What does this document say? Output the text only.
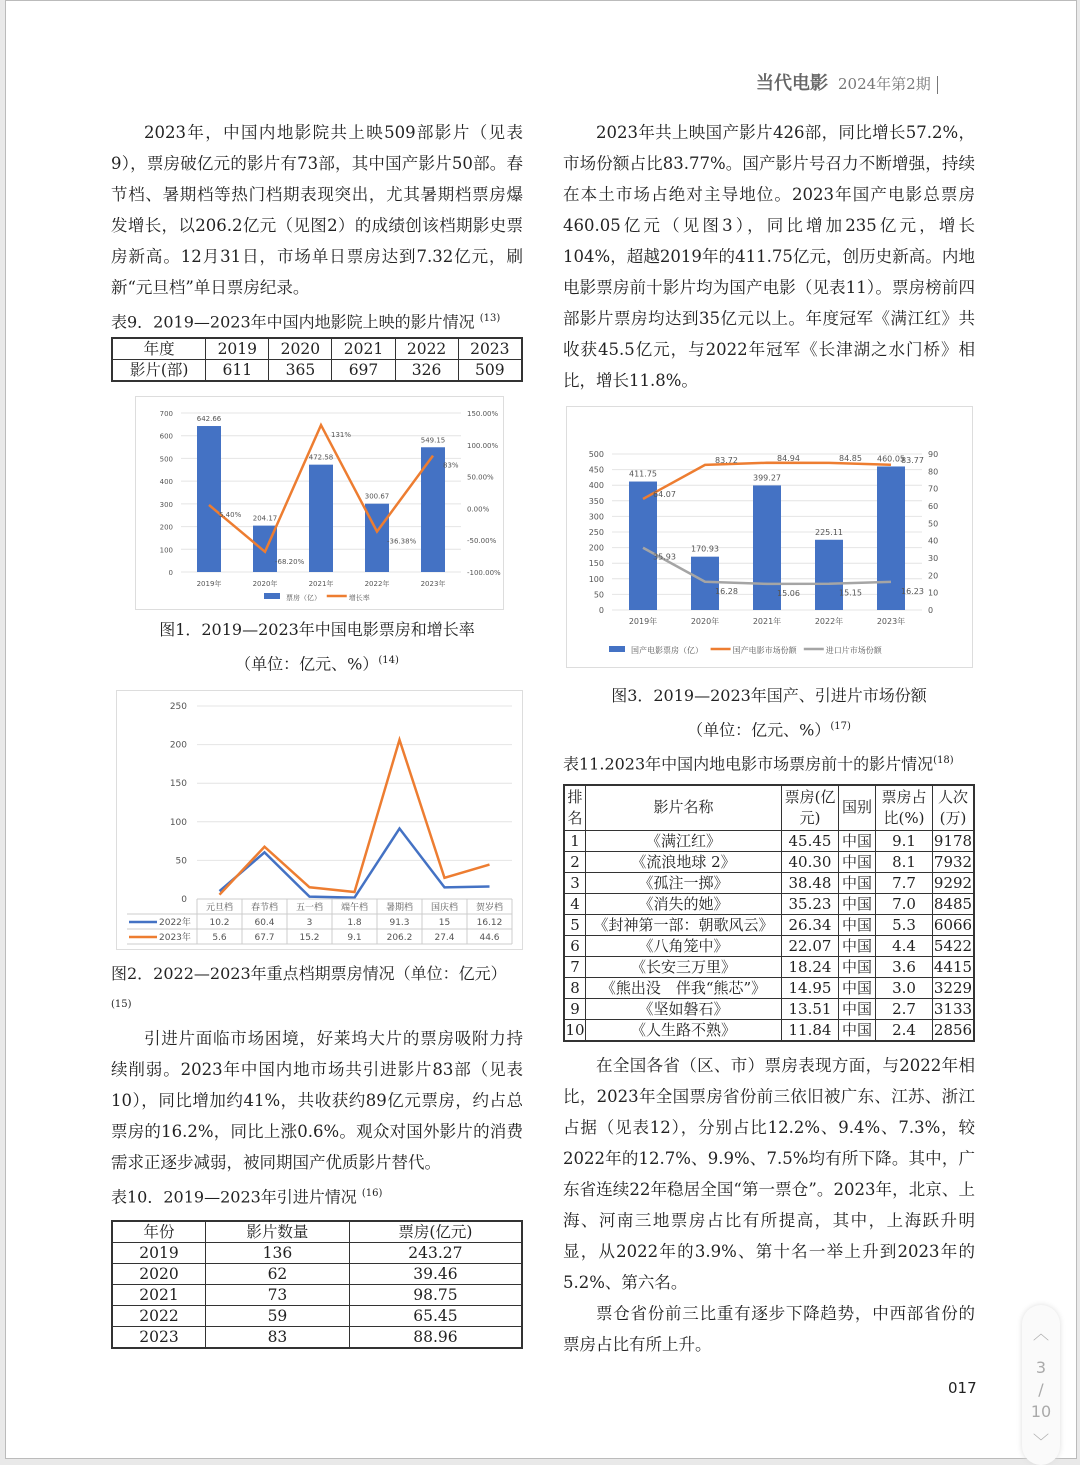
当代电影 2024年第2期

2023年，中国内地影院共上映509部影片（见表9），票房破亿元的影片有73部，其中国产影片50部。春节档、暑期档等热门档期表现突出，尤其暑期档票房爆发增长，以206.2亿元（见图2）的成绩创该档期影史票房新高。12月31日，市场单日票房达到7.32亿元，刷新“元旦档”单日票房纪录。

表9．2019—2023年中国内地影院上映的影片情况 $^{(13)}$
年度	2019	2020	2021	2022	2023
影片(部)	611	365	697	326	509
0
100
200
300
400
500
600
700
-100.00%
-50.00%
0.00%
50.00%
100.00%
150.00%
2019年	2020年	2021年	2022年	2023年
642.66
204.17
472.58
300.67
549.15
5.40%
-68.20%
131%
-36.38%
83%
票房（亿）	增长率
图1．2019—2023年中国电影票房和增长率
（单位：亿元、%）$^{(14)}$
0
50
100
150
200
250
元旦档 春节档 五一档 端午档 暑期档 国庆档 贺岁档
2022年 10.2	60.4	3	1.8	91.3	15	16.12
2023年 5.6	67.7	15.2	9.1	206.2 27.4	44.6
图2．2022—2023年重点档期票房情况（单位：亿元）$^{(15)}$

引进片面临市场困境，好莱坞大片的票房吸附力持续削弱。2023年中国内地市场共引进影片83部（见表10），同比增加约41%，共收获约89亿元票房，约占总票房的16.2%，同比上涨0.6%。观众对国外影片的消费需求正逐步减弱，被同期国产优质影片替代。

表10．2019—2023年引进片情况 $^{(16)}$
年份	影片数量	票房(亿元)
2019	136	243.27
2020	62	39.46
2021	73	98.75
2022	59	65.45
2023	83	88.96

2023年共上映国产影片426部，同比增长57.2%，市场份额占比83.77%。国产影片号召力不断增强，持续在本土市场占绝对主导地位。2023年国产电影总票房460.05亿元（见图3），同比增加235亿元，增长104%，超越2019年的411.75亿元，创历史新高。内地电影票房前十影片均为国产电影（见表11）。票房榜前四部影片票房均达到35亿元以上。年度冠军《满江红》共收获45.5亿元，与2022年冠军《长津湖之水门桥》相比，增长11.8%。

0
50
100
150
200
250
300
350
400
450
500
0
10
20
30
40
50
60
70
80
90
2019年	2020年	2021年	2022年	2023年
411.75
170.93
399.27
225.11
460.05
64.07
83.72	84.94	84.85	83.77
35.93
16.28	15.06	15.15	16.23
国产电影票房（亿）	国产电影市场份额	进口片市场份额
图3．2019—2023年国产、引进片市场份额
（单位：亿元、%）$^{(17)}$
表11.2023年中国内地电影市场票房前十的影片情况$^{(18)}$
排名	影片名称	票房(亿元)	国别	票房占比(%)	人次(万)
1	《满江红》	45.45	中国	9.1	9178
2	《流浪地球 2》	40.30	中国	8.1	7932
3	《孤注一掷》	38.48	中国	7.7	9292
4	《消失的她》	35.23	中国	7.0	8485
5	《封神第一部：朝歌风云》	26.34	中国	5.3	6066
6	《八角笼中》	22.07	中国	4.4	5422
7	《长安三万里》	18.24	中国	3.6	4415
8	《熊出没　伴我“熊芯”》	14.95	中国	3.0	3229
9	《坚如磐石》	13.51	中国	2.7	3133
10	《人生路不熟》	11.84	中国	2.4	2856

在全国各省（区、市）票房表现方面，与2022年相比，2023年全国票房省份前三依旧被广东、江苏、浙江占据（见表12），分别占比12.2%、9.4%、7.3%，较2022年的12.7%、9.9%、7.5%均有所下降。其中，广东省连续22年稳居全国“第一票仓”。2023年，北京、上海、河南三地票房占比有所提高，其中，上海跃升明显，从2022年的3.9%、第十名一举上升到2023年的5.2%、第六名。

票仓省份前三比重有逐步下降趋势，中西部省份的票房占比有所上升。

017
︿
3
/
10
﹀
